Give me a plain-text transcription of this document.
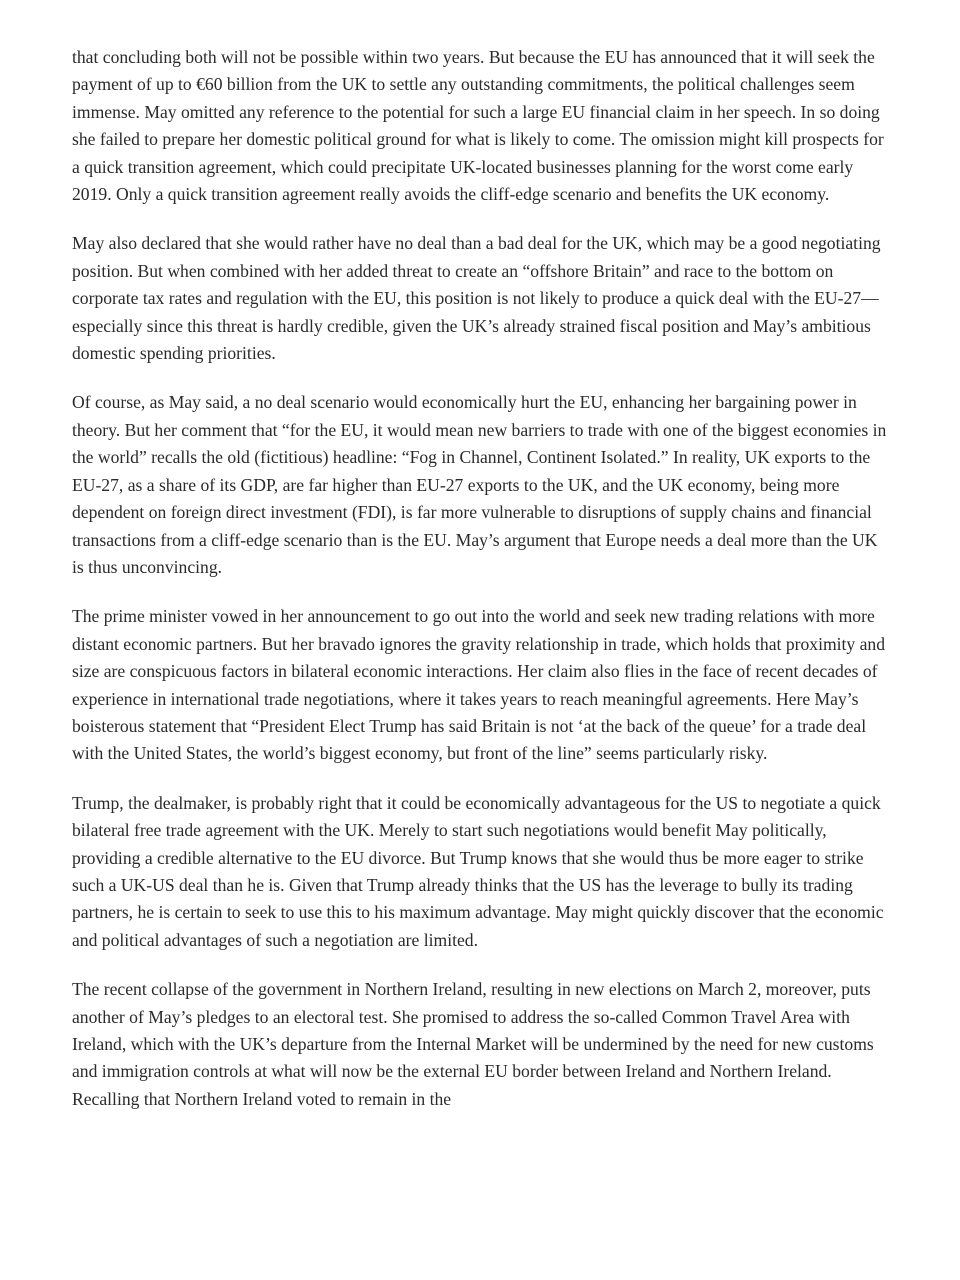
that concluding both will not be possible within two years. But because the EU has announced that it will seek the payment of up to €60 billion from the UK to settle any outstanding commitments, the political challenges seem immense. May omitted any reference to the potential for such a large EU financial claim in her speech. In so doing she failed to prepare her domestic political ground for what is likely to come. The omission might kill prospects for a quick transition agreement, which could precipitate UK-located businesses planning for the worst come early 2019. Only a quick transition agreement really avoids the cliff-edge scenario and benefits the UK economy.

May also declared that she would rather have no deal than a bad deal for the UK, which may be a good negotiating position. But when combined with her added threat to create an “offshore Britain” and race to the bottom on corporate tax rates and regulation with the EU, this position is not likely to produce a quick deal with the EU-27—especially since this threat is hardly credible, given the UK’s already strained fiscal position and May’s ambitious domestic spending priorities.

Of course, as May said, a no deal scenario would economically hurt the EU, enhancing her bargaining power in theory. But her comment that “for the EU, it would mean new barriers to trade with one of the biggest economies in the world” recalls the old (fictitious) headline: “Fog in Channel, Continent Isolated.” In reality, UK exports to the EU-27, as a share of its GDP, are far higher than EU-27 exports to the UK, and the UK economy, being more dependent on foreign direct investment (FDI), is far more vulnerable to disruptions of supply chains and financial transactions from a cliff-edge scenario than is the EU. May’s argument that Europe needs a deal more than the UK is thus unconvincing.

The prime minister vowed in her announcement to go out into the world and seek new trading relations with more distant economic partners. But her bravado ignores the gravity relationship in trade, which holds that proximity and size are conspicuous factors in bilateral economic interactions. Her claim also flies in the face of recent decades of experience in international trade negotiations, where it takes years to reach meaningful agreements. Here May’s boisterous statement that “President Elect Trump has said Britain is not ‘at the back of the queue’ for a trade deal with the United States, the world’s biggest economy, but front of the line” seems particularly risky.

Trump, the dealmaker, is probably right that it could be economically advantageous for the US to negotiate a quick bilateral free trade agreement with the UK. Merely to start such negotiations would benefit May politically, providing a credible alternative to the EU divorce. But Trump knows that she would thus be more eager to strike such a UK-US deal than he is. Given that Trump already thinks that the US has the leverage to bully its trading partners, he is certain to seek to use this to his maximum advantage. May might quickly discover that the economic and political advantages of such a negotiation are limited.

The recent collapse of the government in Northern Ireland, resulting in new elections on March 2, moreover, puts another of May’s pledges to an electoral test. She promised to address the so-called Common Travel Area with Ireland, which with the UK’s departure from the Internal Market will be undermined by the need for new customs and immigration controls at what will now be the external EU border between Ireland and Northern Ireland. Recalling that Northern Ireland voted to remain in the
